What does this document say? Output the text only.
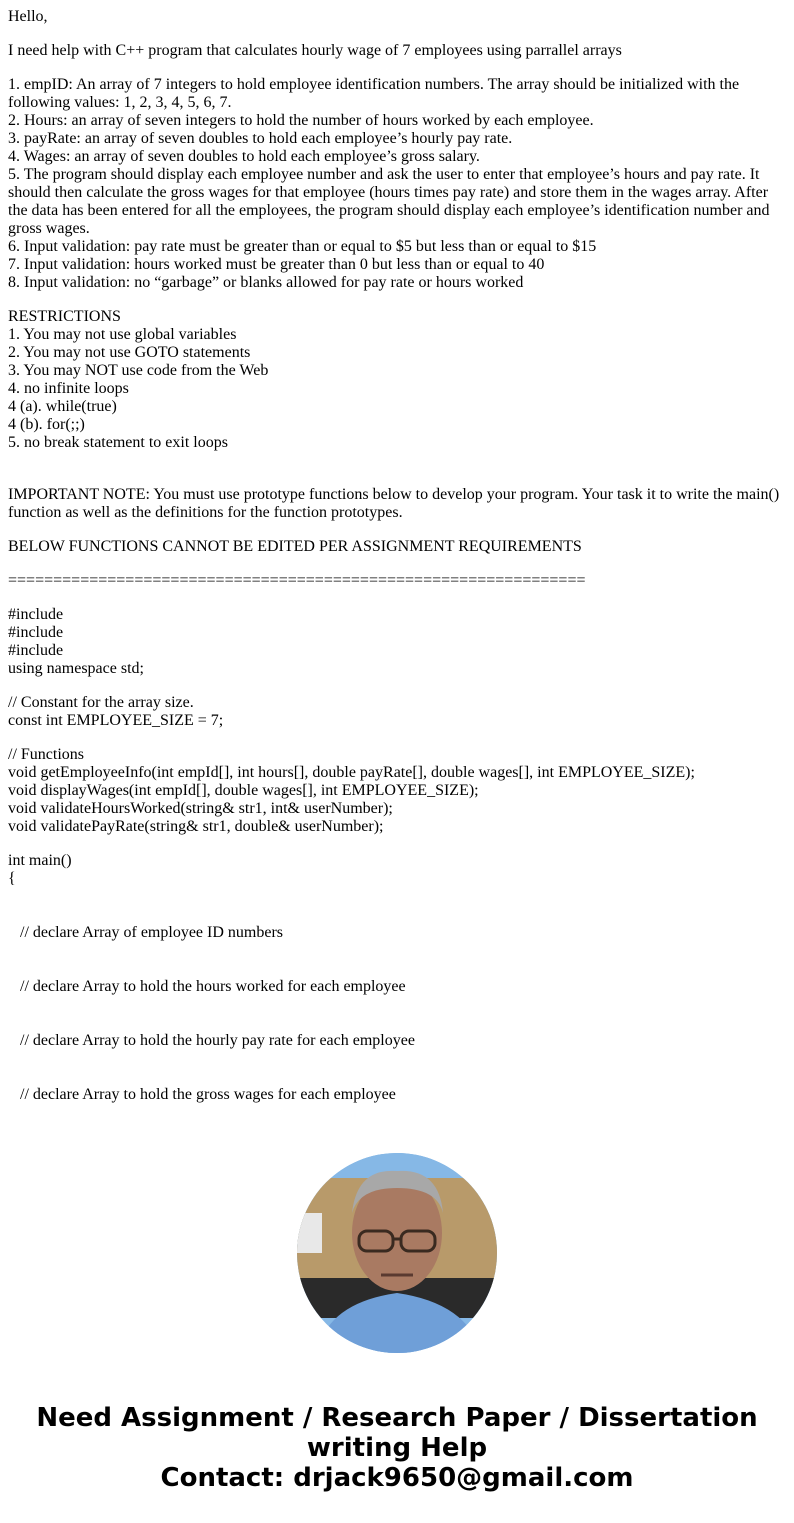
Hello,

I need help with C++ program that calculates hourly wage of 7 employees using parrallel arrays

1. empID: An array of 7 integers to hold employee identification numbers. The array should be initialized with the following values: 1, 2, 3, 4, 5, 6, 7.
2. Hours: an array of seven integers to hold the number of hours worked by each employee.
3. payRate: an array of seven doubles to hold each employee’s hourly pay rate.
4. Wages: an array of seven doubles to hold each employee’s gross salary.
5. The program should display each employee number and ask the user to enter that employee’s hours and pay rate. It should then calculate the gross wages for that employee (hours times pay rate) and store them in the wages array. After the data has been entered for all the employees, the program should display each employee’s identification number and gross wages.
6. Input validation: pay rate must be greater than or equal to $5 but less than or equal to $15
7. Input validation: hours worked must be greater than 0 but less than or equal to 40
8. Input validation: no “garbage” or blanks allowed for pay rate or hours worked

RESTRICTIONS
1. You may not use global variables
2. You may not use GOTO statements
3. You may NOT use code from the Web
4. no infinite loops
4 (a). while(true)
4 (b). for(;;)
5. no break statement to exit loops

IMPORTANT NOTE: You must use prototype functions below to develop your program. Your task it to write the main() function as well as the definitions for the function prototypes.

BELOW FUNCTIONS CANNOT BE EDITED PER ASSIGNMENT REQUIREMENTS

================================================================

#include
#include
#include
using namespace std;

// Constant for the array size.
const int EMPLOYEE_SIZE = 7;

// Functions
void getEmployeeInfo(int empId[], int hours[], double payRate[], double wages[], int EMPLOYEE_SIZE);
void displayWages(int empId[], double wages[], int EMPLOYEE_SIZE);
void validateHoursWorked(string& str1, int& userNumber);
void validatePayRate(string& str1, double& userNumber);

int main()
{

// declare Array of employee ID numbers

// declare Array to hold the hours worked for each employee

// declare Array to hold the hourly pay rate for each employee

// declare Array to hold the gross wages for each employee

Need Assignment / Research Paper / Dissertation
writing Help
Contact: drjack9650@gmail.com
